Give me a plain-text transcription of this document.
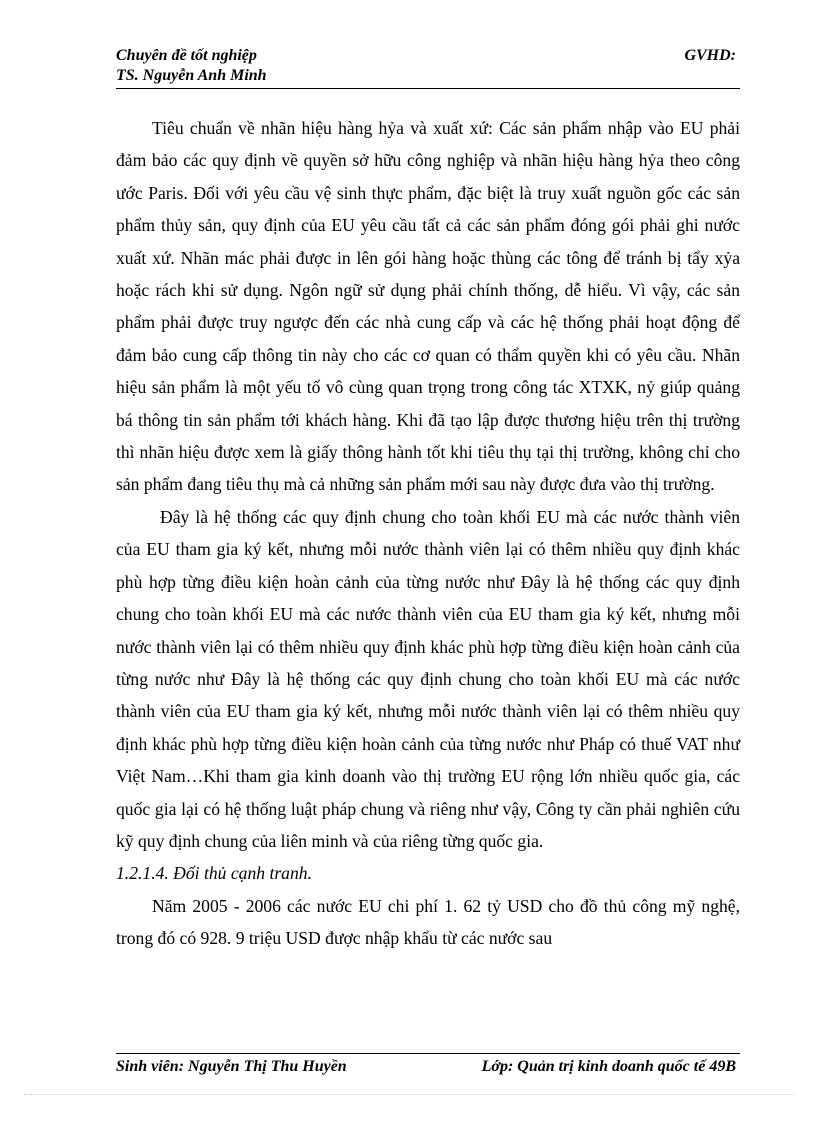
Chuyên đề tốt nghiệp	GVHD:
TS. Nguyễn Anh Minh

Tiêu chuẩn về nhãn hiệu hàng hỷa và xuất xứ: Các sản phẩm nhập vào EU phải đảm bảo các quy định về quyền sở hữu công nghiệp và nhãn hiệu hàng hỷa theo công ước Paris. Đối với yêu cầu vệ sinh thực phẩm, đặc biệt là truy xuất nguồn gốc các sản phẩm thủy sản, quy định của EU yêu cầu tất cả các sản phẩm đóng gói phải ghi nước xuất xứ. Nhãn mác phải được in lên gói hàng hoặc thùng các tông để tránh bị tẩy xỷa hoặc rách khi sử dụng. Ngôn ngữ sử dụng phải chính thống, dễ hiểu. Vì vậy, các sản phẩm phải được truy ngược đến các nhà cung cấp và các hệ thống phải hoạt động để đảm bảo cung cấp thông tin này cho các cơ quan có thẩm quyền khi có yêu cầu. Nhãn hiệu sản phẩm là một yếu tố vô cùng quan trọng trong công tác XTXK, nỷ giúp quảng bá thông tin sản phẩm tới khách hàng. Khi đã tạo lập được thương hiệu trên thị trường thì nhãn hiệu được xem là giấy thông hành tốt khi tiêu thụ tại thị trường, không chỉ cho sản phẩm đang tiêu thụ mà cả những sản phẩm mới sau này được đưa vào thị trường.

Đây là hệ thống các quy định chung cho toàn khối EU mà các nước thành viên của EU tham gia ký kết, nhưng mỗi nước thành viên lại có thêm nhiều quy định khác phù hợp từng điều kiện hoàn cảnh của từng nước như Đây là hệ thống các quy định chung cho toàn khối EU mà các nước thành viên của EU tham gia ký kết, nhưng mỗi nước thành viên lại có thêm nhiều quy định khác phù hợp từng điều kiện hoàn cảnh của từng nước như Đây là hệ thống các quy định chung cho toàn khối EU mà các nước thành viên của EU tham gia ký kết, nhưng mỗi nước thành viên lại có thêm nhiều quy định khác phù hợp từng điều kiện hoàn cảnh của từng nước như Pháp có thuế VAT như Việt Nam…Khi tham gia kinh doanh vào thị trường EU rộng lớn nhiều quốc gia, các quốc gia lại có hệ thống luật pháp chung và riêng như vậy, Công ty cần phải nghiên cứu kỹ quy định chung của liên minh và của riêng từng quốc gia.

1.2.1.4. Đối thủ cạnh tranh.

Năm 2005 - 2006 các nước EU chi phí 1. 62 tỷ USD cho đồ thủ công mỹ nghệ, trong đó có 928. 9 triệu USD được nhập khẩu từ các nước sau

Sinh viên: Nguyễn Thị Thu Huyền	Lớp: Quản trị kinh doanh quốc tế 49B
